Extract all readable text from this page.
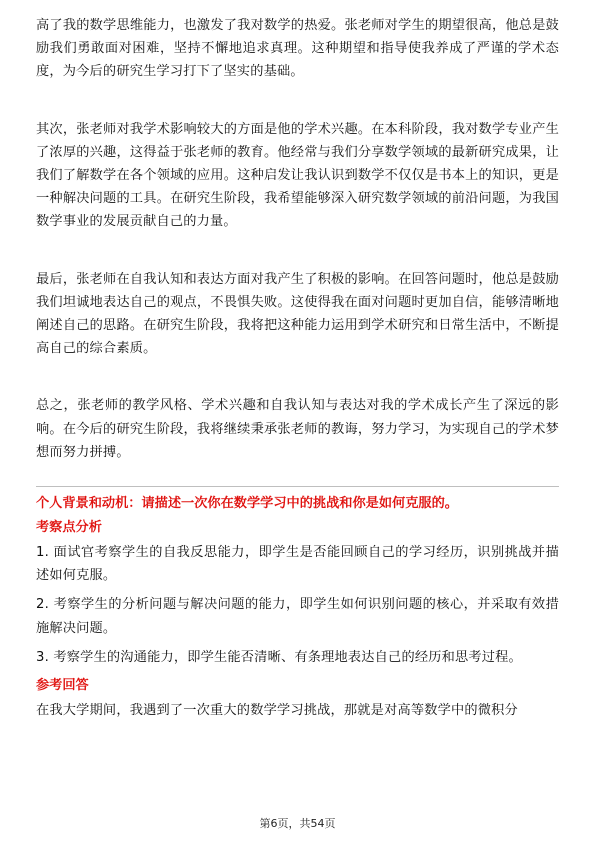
高了我的数学思维能力，也激发了我对数学的热爱。张老师对学生的期望很高，他总是鼓励我们勇敢面对困难，坚持不懈地追求真理。这种期望和指导使我养成了严谨的学术态度，为今后的研究生学习打下了坚实的基础。

其次，张老师对我学术影响较大的方面是他的学术兴趣。在本科阶段，我对数学专业产生了浓厚的兴趣，这得益于张老师的教育。他经常与我们分享数学领域的最新研究成果，让我们了解数学在各个领域的应用。这种启发让我认识到数学不仅仅是书本上的知识，更是一种解决问题的工具。在研究生阶段，我希望能够深入研究数学领域的前沿问题，为我国数学事业的发展贡献自己的力量。

最后，张老师在自我认知和表达方面对我产生了积极的影响。在回答问题时，他总是鼓励我们坦诚地表达自己的观点，不畏惧失败。这使得我在面对问题时更加自信，能够清晰地阐述自己的思路。在研究生阶段，我将把这种能力运用到学术研究和日常生活中，不断提高自己的综合素质。

总之，张老师的教学风格、学术兴趣和自我认知与表达对我的学术成长产生了深远的影响。在今后的研究生阶段，我将继续秉承张老师的教诲，努力学习，为实现自己的学术梦想而努力拼搏。

个人背景和动机：请描述一次你在数学学习中的挑战和你是如何克服的。

考察点分析

1. 面试官考察学生的自我反思能力，即学生是否能回顾自己的学习经历，识别挑战并描述如何克服。

2. 考察学生的分析问题与解决问题的能力，即学生如何识别问题的核心，并采取有效措施解决问题。

3. 考察学生的沟通能力，即学生能否清晰、有条理地表达自己的经历和思考过程。

参考回答

在我大学期间，我遇到了一次重大的数学学习挑战，那就是对高等数学中的微积分

第6页，共54页
